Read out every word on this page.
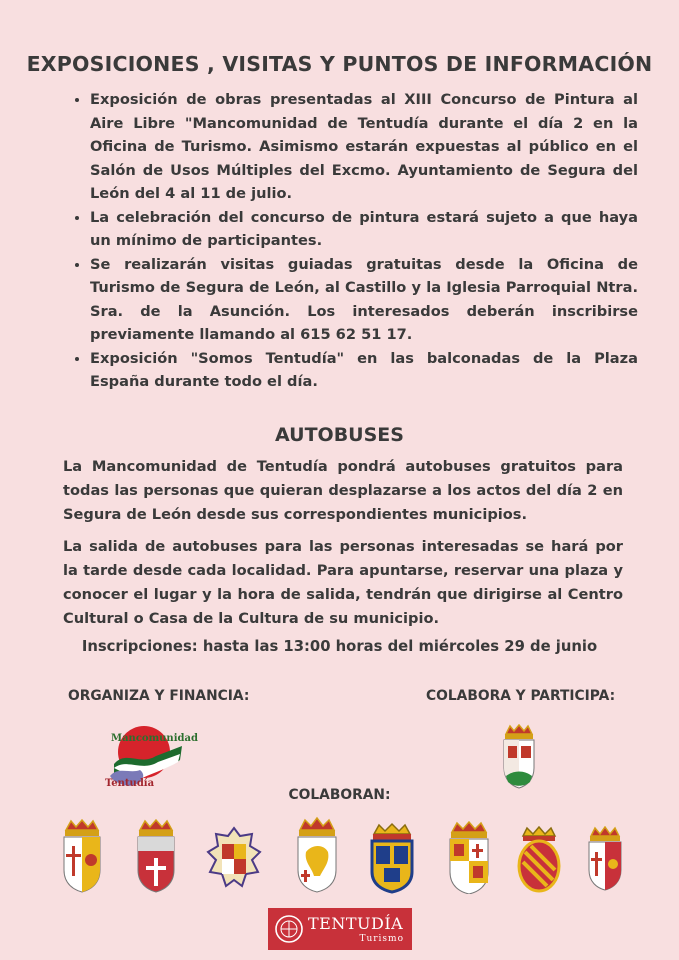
EXPOSICIONES , VISITAS Y PUNTOS DE INFORMACIÓN
• Exposición de obras presentadas al XIII Concurso de Pintura al Aire Libre "Mancomunidad de Tentudía durante el día 2 en la Oficina de Turismo. Asimismo estarán expuestas al público en el Salón de Usos Múltiples del Excmo. Ayuntamiento de Segura del León del 4 al 11 de julio.
• La celebración del concurso de pintura estará sujeto a que haya un mínimo de participantes.
• Se realizarán visitas guiadas gratuitas desde la Oficina de Turismo de Segura de León, al Castillo y la Iglesia Parroquial Ntra. Sra. de la Asunción. Los interesados deberán inscribirse previamente llamando al 615 62 51 17.
• Exposición "Somos Tentudía" en las balconadas de la Plaza España durante todo el día.
AUTOBUSES

La Mancomunidad de Tentudía pondrá autobuses gratuitos para todas las personas que quieran desplazarse a los actos del día 2 en Segura de León desde sus correspondientes municipios.

La salida de autobuses para las personas interesadas se hará por la tarde desde cada localidad. Para apuntarse, reservar una plaza y conocer el lugar y la hora de salida, tendrán que dirigirse al Centro Cultural o Casa de la Cultura de su municipio.

Inscripciones: hasta las 13:00 horas del miércoles 29 de junio
ORGANIZA Y FINANCIA:	COLABORA Y PARTICIPA:
COLABORAN:
Mancomunidad
Tentudía
TENTUDÍA
Turismo
